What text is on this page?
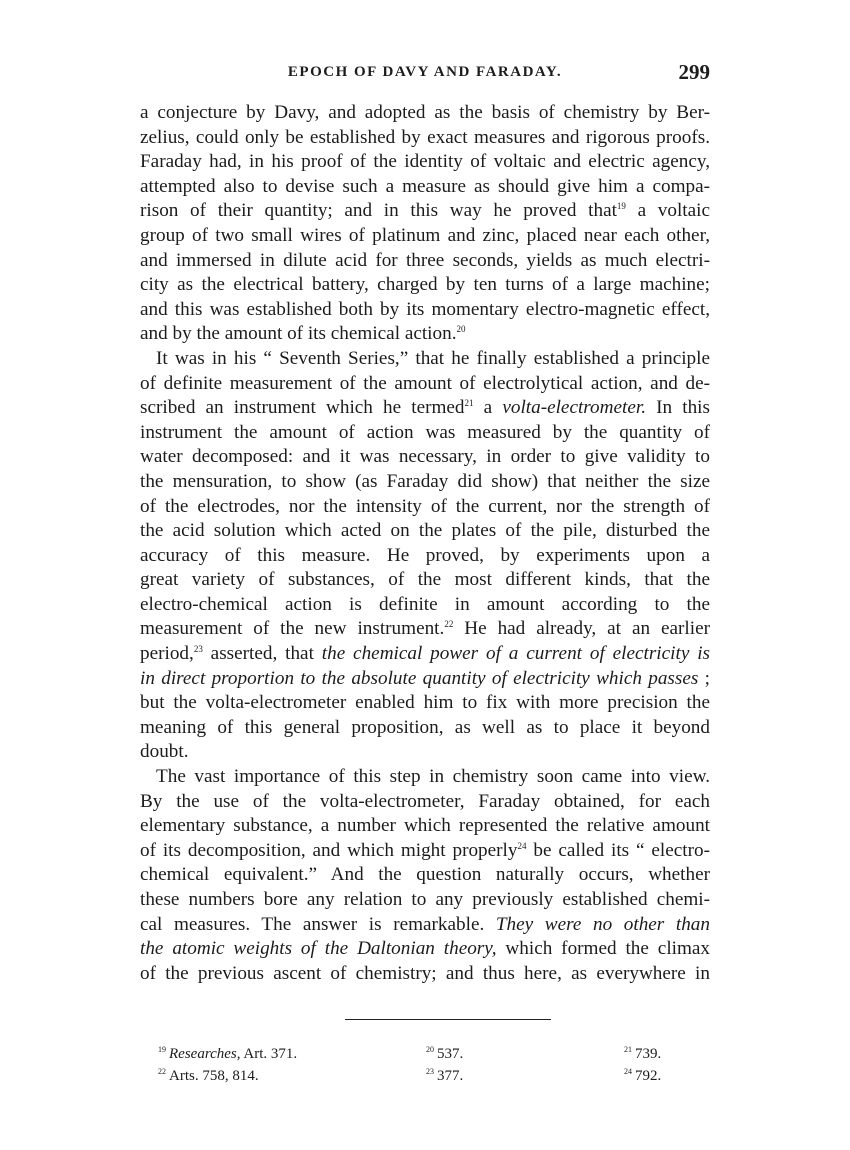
EPOCH OF DAVY AND FARADAY.	299

a conjecture by Davy, and adopted as the basis of chemistry by Ber-
zelius, could only be established by exact measures and rigorous proofs.
Faraday had, in his proof of the identity of voltaic and electric agency,
attempted also to devise such a measure as should give him a compa-
rison of their quantity; and in this way he proved that$^{19}$ a voltaic
group of two small wires of platinum and zinc, placed near each other,
and immersed in dilute acid for three seconds, yields as much electri-
city as the electrical battery, charged by ten turns of a large machine;
and this was established both by its momentary electro-magnetic effect,
and by the amount of its chemical action.$^{20}$

It was in his “ Seventh Series,” that he finally established a principle
of definite measurement of the amount of electrolytical action, and de-
scribed an instrument which he termed$^{21}$ a volta-electrometer. In this
instrument the amount of action was measured by the quantity of
water decomposed: and it was necessary, in order to give validity to
the mensuration, to show (as Faraday did show) that neither the size
of the electrodes, nor the intensity of the current, nor the strength of
the acid solution which acted on the plates of the pile, disturbed the
accuracy of this measure. He proved, by experiments upon a
great variety of substances, of the most different kinds, that the
electro-chemical action is definite in amount according to the
measurement of the new instrument.$^{22}$ He had already, at an earlier
period,$^{23}$ asserted, that the chemical power of a current of electricity is
in direct proportion to the absolute quantity of electricity which passes ;
but the volta-electrometer enabled him to fix with more precision the
meaning of this general proposition, as well as to place it beyond
doubt.

The vast importance of this step in chemistry soon came into view.
By the use of the volta-electrometer, Faraday obtained, for each
elementary substance, a number which represented the relative amount
of its decomposition, and which might properly$^{24}$ be called its “ electro-
chemical equivalent.” And the question naturally occurs, whether
these numbers bore any relation to any previously established chemi-
cal measures. The answer is remarkable. They were no other than
the atomic weights of the Daltonian theory, which formed the climax
of the previous ascent of chemistry; and thus here, as everywhere in

$^{19}$ Researches, Art. 371.	$^{20}$ 537.	$^{21}$ 739.
$^{22}$ Arts. 758, 814.	$^{23}$ 377.	$^{24}$ 792.
